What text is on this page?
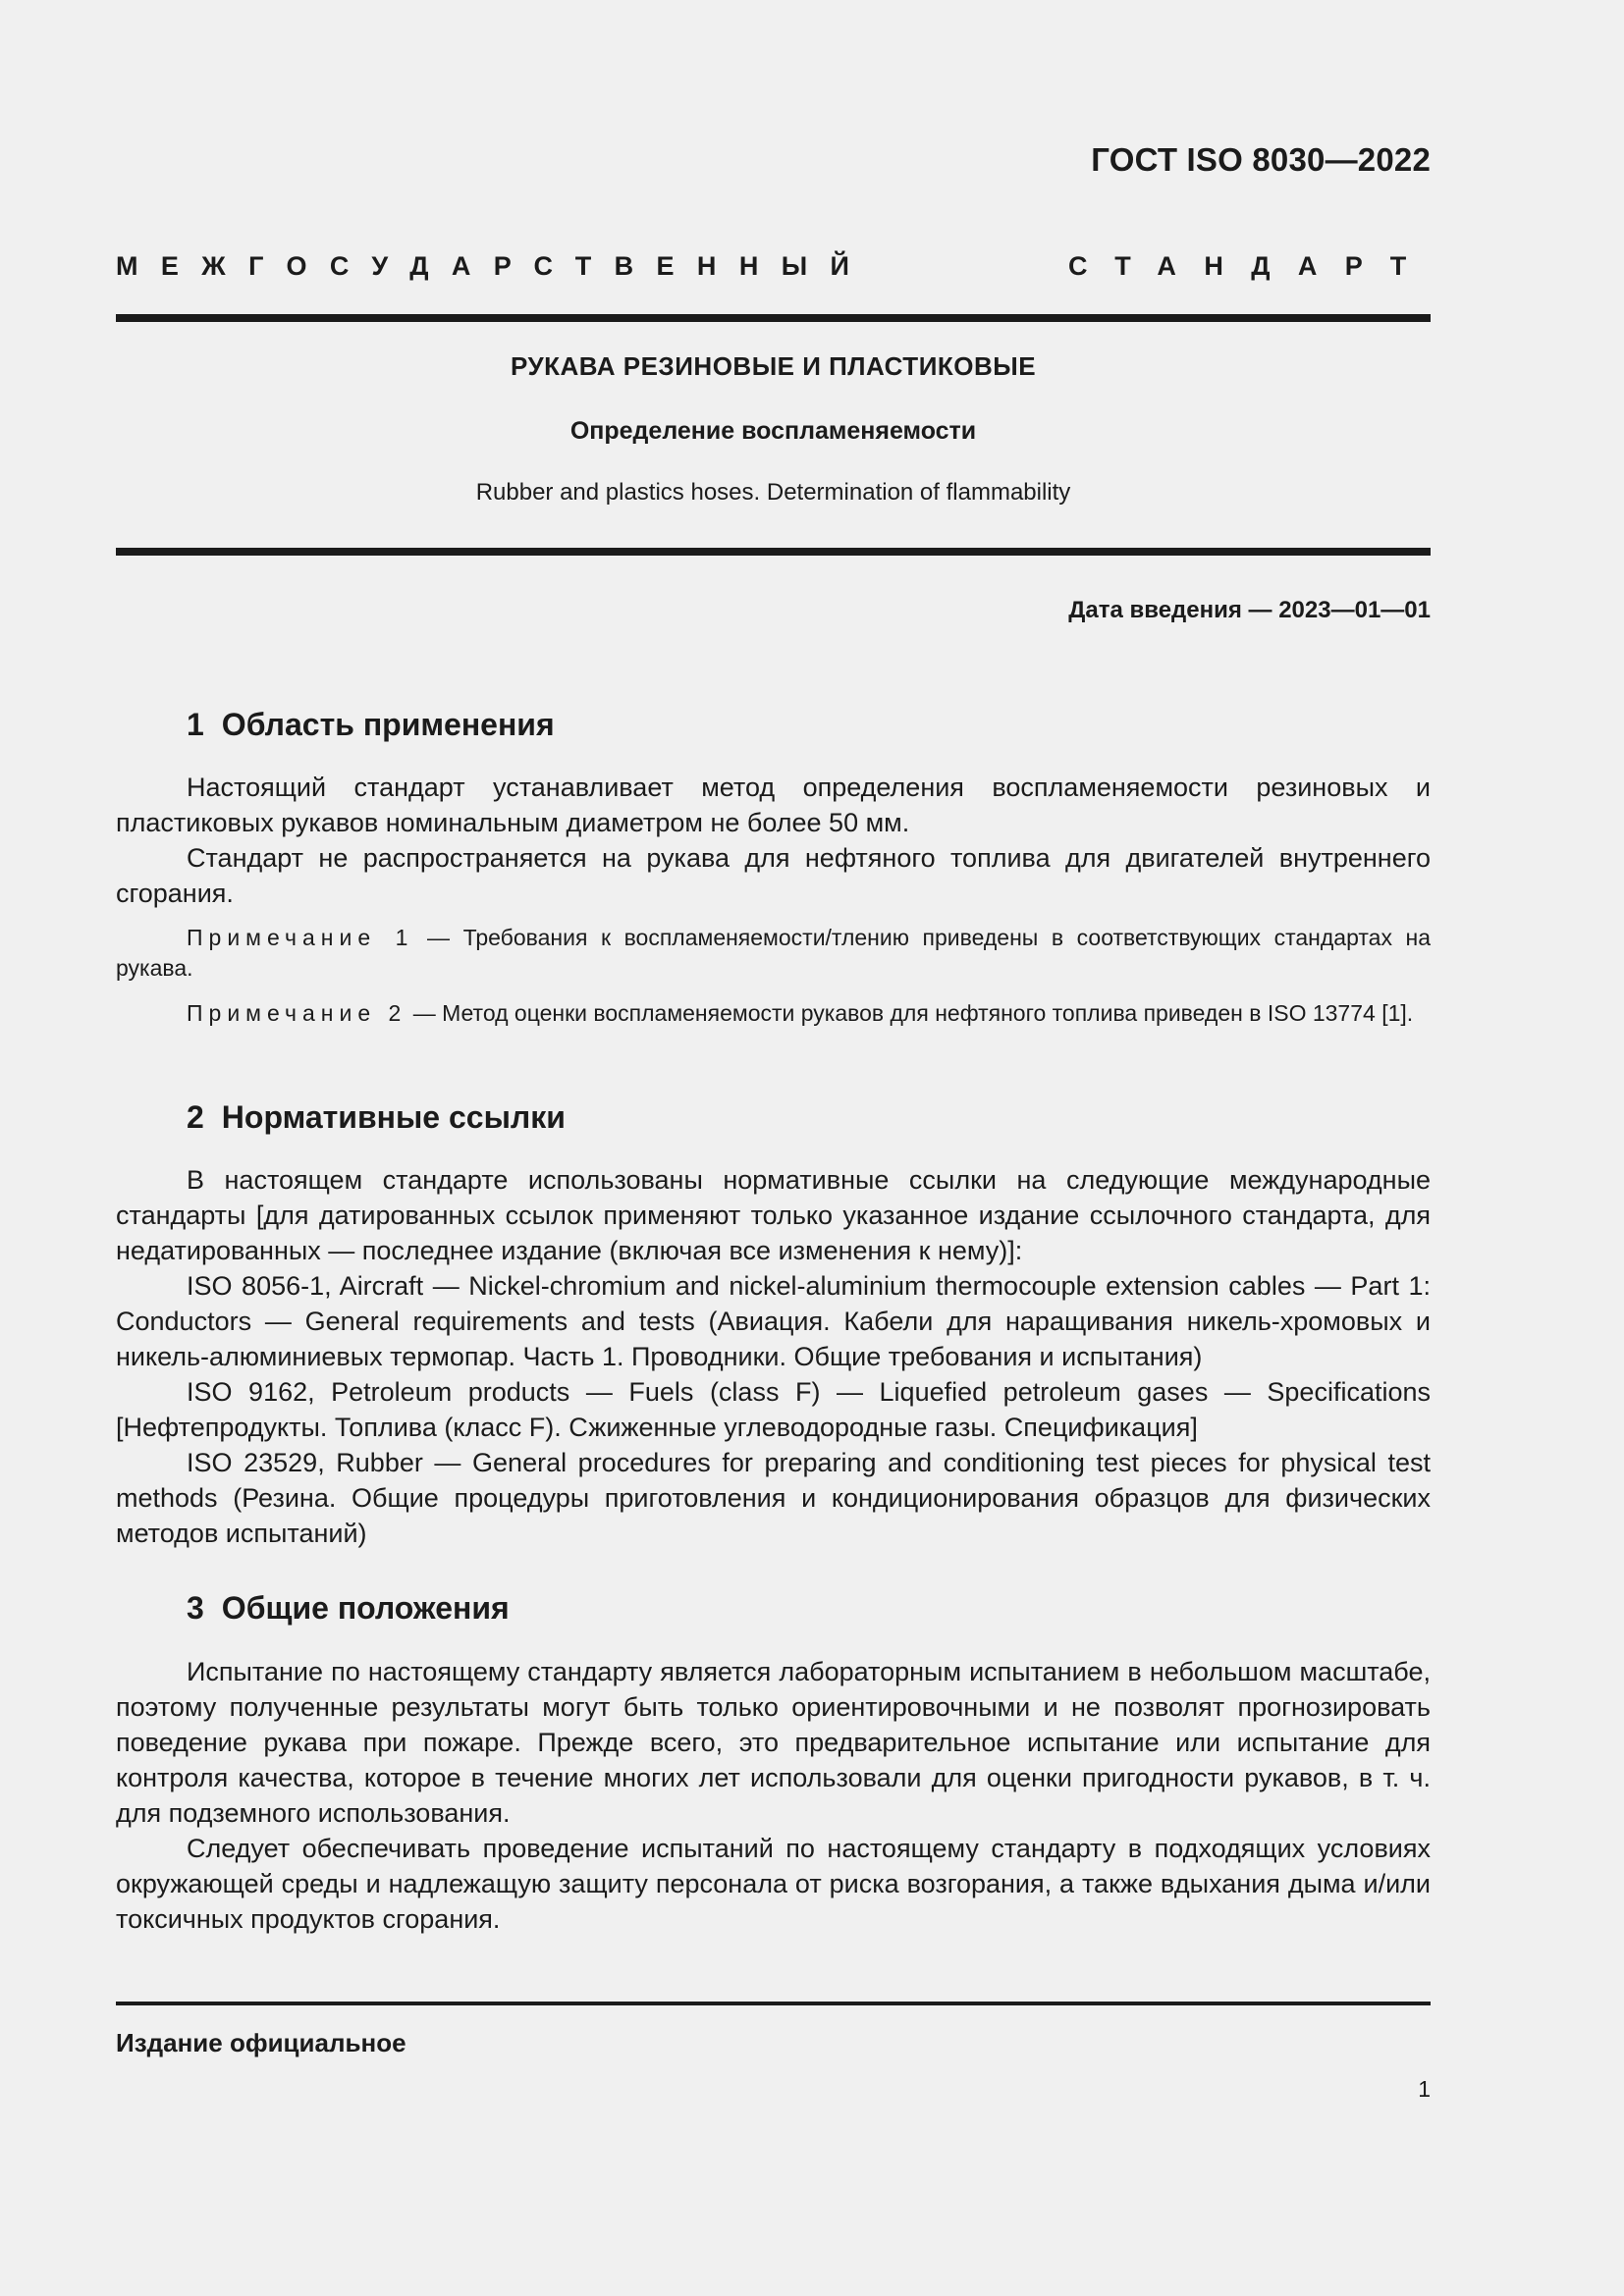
ГОСТ ISO 8030—2022
МЕЖГОСУДАРСТВЕННЫЙ	СТАНДАРТ
РУКАВА РЕЗИНОВЫЕ И ПЛАСТИКОВЫЕ
Определение воспламеняемости
Rubber and plastics hoses. Determination of flammability
Дата введения — 2023—01—01
1 Область применения
Настоящий стандарт устанавливает метод определения воспламеняемости резиновых и пластиковых рукавов номинальным диаметром не более 50 мм.
Стандарт не распространяется на рукава для нефтяного топлива для двигателей внутреннего сгорания.
Примечание 1 — Требования к воспламеняемости/тлению приведены в соответствующих стандартах на рукава.
Примечание 2 — Метод оценки воспламеняемости рукавов для нефтяного топлива приведен в ISO 13774 [1].
2 Нормативные ссылки
В настоящем стандарте использованы нормативные ссылки на следующие международные стандарты [для датированных ссылок применяют только указанное издание ссылочного стандарта, для недатированных — последнее издание (включая все изменения к нему)]:
ISO 8056-1, Aircraft — Nickel-chromium and nickel-aluminium thermocouple extension cables — Part 1: Conductors — General requirements and tests (Авиация. Кабели для наращивания никель-хромовых и никель-алюминиевых термопар. Часть 1. Проводники. Общие требования и испытания)
ISO 9162, Petroleum products — Fuels (class F) — Liquefied petroleum gases — Specifications [Нефтепродукты. Топлива (класс F). Сжиженные углеводородные газы. Спецификация]
ISO 23529, Rubber — General procedures for preparing and conditioning test pieces for physical test methods (Резина. Общие процедуры приготовления и кондиционирования образцов для физических методов испытаний)
3 Общие положения
Испытание по настоящему стандарту является лабораторным испытанием в небольшом масштабе, поэтому полученные результаты могут быть только ориентировочными и не позволят прогнозировать поведение рукава при пожаре. Прежде всего, это предварительное испытание или испытание для контроля качества, которое в течение многих лет использовали для оценки пригодности рукавов, в т. ч. для подземного использования.
Следует обеспечивать проведение испытаний по настоящему стандарту в подходящих условиях окружающей среды и надлежащую защиту персонала от риска возгорания, а также вдыхания дыма и/или токсичных продуктов сгорания.
Издание официальное
1
